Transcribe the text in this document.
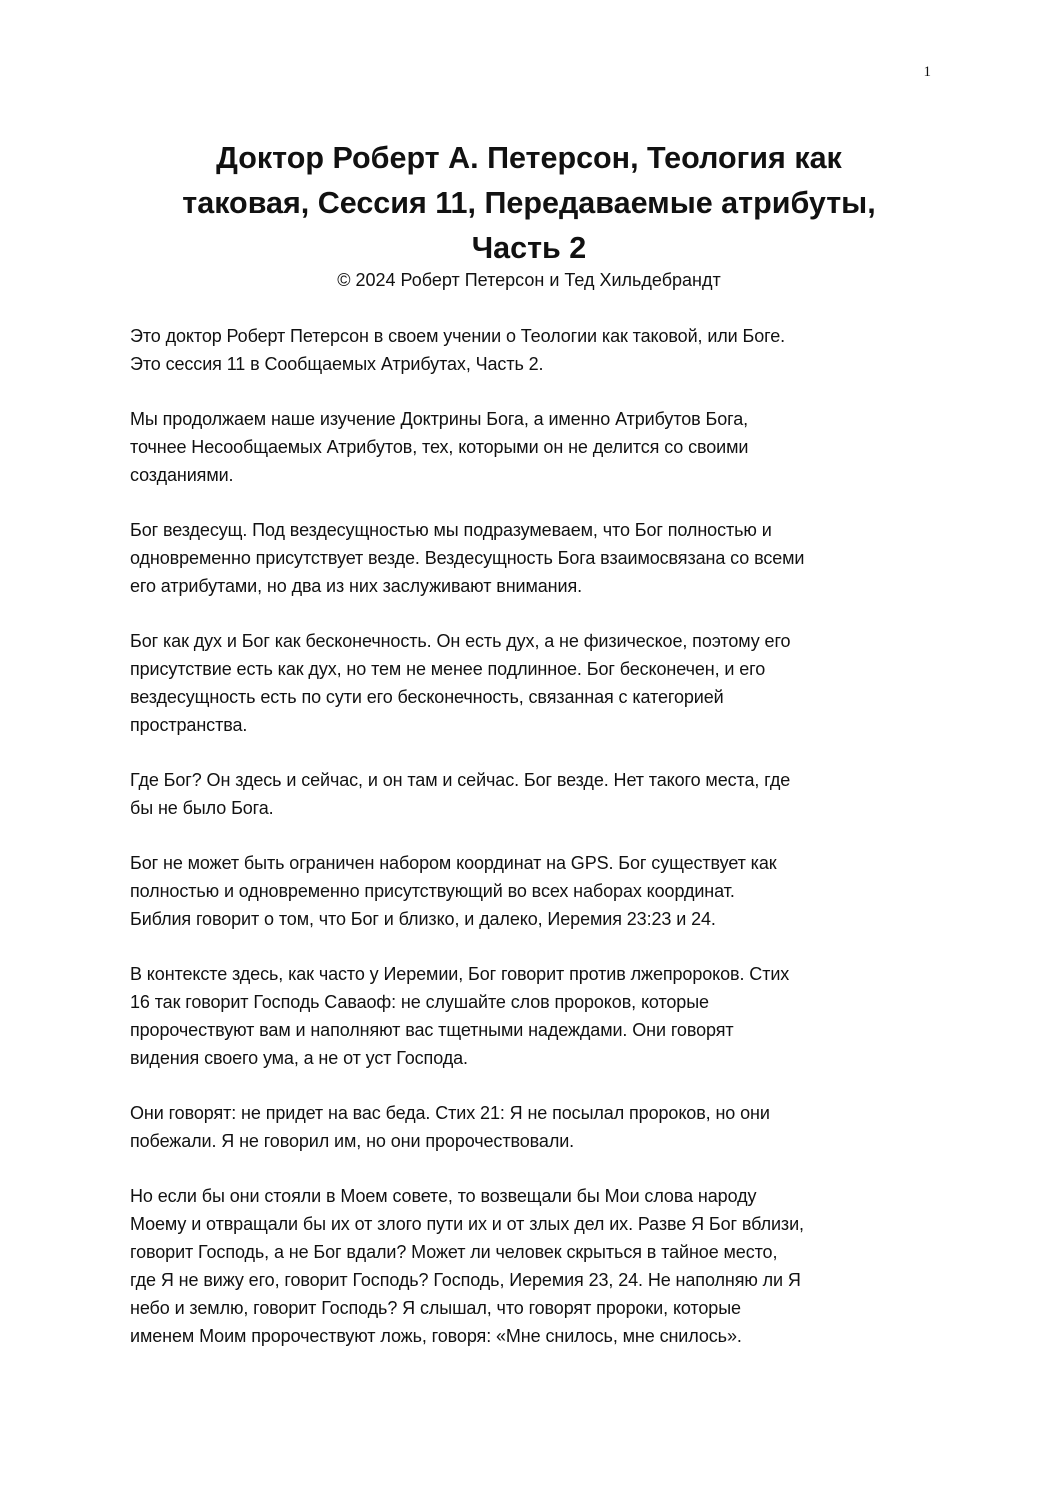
1
Доктор Роберт А. Петерсон, Теология как
таковая, Сессия 11, Передаваемые атрибуты,
Часть 2
© 2024 Роберт Петерсон и Тед Хильдебрандт

Это доктор Роберт Петерсон в своем учении о Теологии как таковой, или Боге.
Это сессия 11 в Сообщаемых Атрибутах, Часть 2.

Мы продолжаем наше изучение Доктрины Бога, а именно Атрибутов Бога,
точнее Несообщаемых Атрибутов, тех, которыми он не делится со своими
созданиями.

Бог вездесущ. Под вездесущностью мы подразумеваем, что Бог полностью и
одновременно присутствует везде. Вездесущность Бога взаимосвязана со всеми
его атрибутами, но два из них заслуживают внимания.

Бог как дух и Бог как бесконечность. Он есть дух, а не физическое, поэтому его
присутствие есть как дух, но тем не менее подлинное. Бог бесконечен, и его
вездесущность есть по сути его бесконечность, связанная с категорией
пространства.

Где Бог? Он здесь и сейчас, и он там и сейчас. Бог везде. Нет такого места, где
бы не было Бога.

Бог не может быть ограничен набором координат на GPS. Бог существует как
полностью и одновременно присутствующий во всех наборах координат.
Библия говорит о том, что Бог и близко, и далеко, Иеремия 23:23 и 24.

В контексте здесь, как часто у Иеремии, Бог говорит против лжепророков. Стих
16 так говорит Господь Саваоф: не слушайте слов пророков, которые
пророчествуют вам и наполняют вас тщетными надеждами. Они говорят
видения своего ума, а не от уст Господа.

Они говорят: не придет на вас беда. Стих 21: Я не посылал пророков, но они
побежали. Я не говорил им, но они пророчествовали.

Но если бы они стояли в Моем совете, то возвещали бы Мои слова народу
Моему и отвращали бы их от злого пути их и от злых дел их. Разве Я Бог вблизи,
говорит Господь, а не Бог вдали? Может ли человек скрыться в тайное место,
где Я не вижу его, говорит Господь? Господь, Иеремия 23, 24. Не наполняю ли Я
небо и землю, говорит Господь? Я слышал, что говорят пророки, которые
именем Моим пророчествуют ложь, говоря: «Мне снилось, мне снилось».
